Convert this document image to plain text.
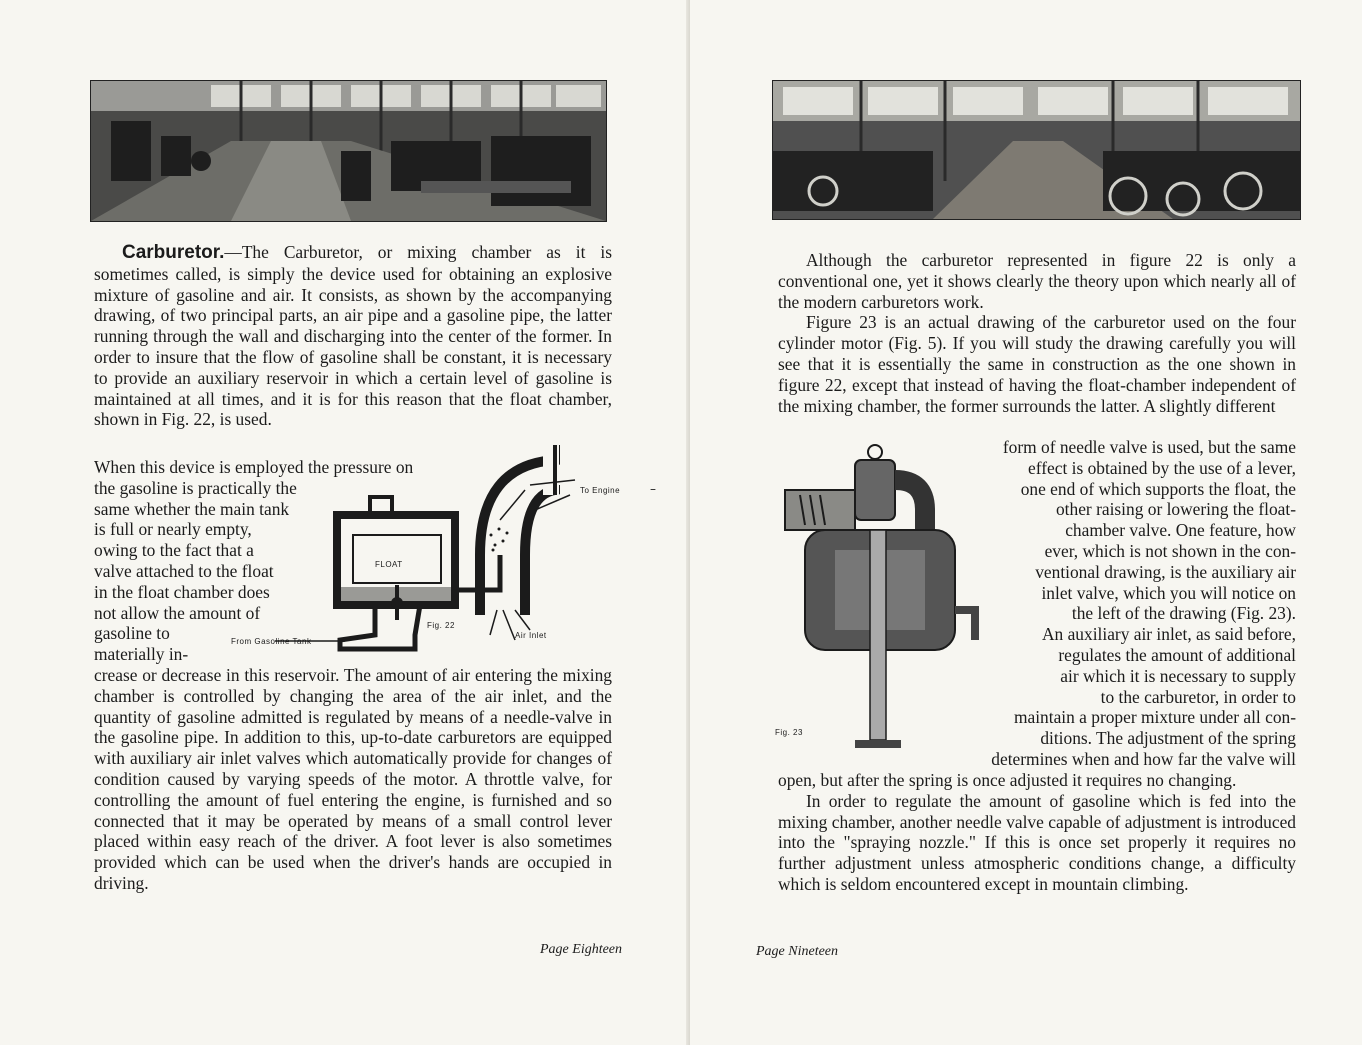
Carburetor.—The Carburetor, or mixing chamber as it is sometimes called, is simply the device used for obtaining an explosive mixture of gasoline and air. It consists, as shown by the accompanying drawing, of two principal parts, an air pipe and a gasoline pipe, the latter running through the wall and discharging into the center of the former. In order to insure that the flow of gasoline shall be constant, it is necessary to provide an auxiliary reservoir in which a certain level of gasoline is maintained at all times, and it is for this reason that the float chamber, shown in Fig. 22, is used.

When this device is employed the pressure on
the gasoline is practically the
same whether the main tank
is full or nearly empty,
owing to the fact that a
valve attached to the float
in the float chamber does
not allow the amount of
gasoline to
materially in-
FLOAT
To Engine
From Gasoline Tank
Air Inlet
Fig. 22

crease or decrease in this reservoir. The amount of air entering the mixing chamber is controlled by changing the area of the air inlet, and the quantity of gasoline admitted is regulated by means of a needle-valve in the gasoline pipe. In addition to this, up-to-date carburetors are equipped with auxiliary air inlet valves which automatically provide for changes of condition caused by varying speeds of the motor. A throttle valve, for controlling the amount of fuel entering the engine, is furnished and so connected that it may be operated by means of a small control lever placed within easy reach of the driver. A foot lever is also sometimes provided which can be used when the driver's hands are occupied in driving.

Page Eighteen
–

Although the carburetor represented in figure 22 is only a conventional one, yet it shows clearly the theory upon which nearly all of the modern carburetors work.

Figure 23 is an actual drawing of the carburetor used on the four cylinder motor (Fig. 5). If you will study the drawing carefully you will see that it is essentially the same in construction as the one shown in figure 22, except that instead of having the float-chamber independent of the mixing chamber, the former surrounds the latter. A slightly different

Fig. 23
form of needle valve is used, but the same
effect is obtained by the use of a lever,
one end of which supports the float, the
other raising or lowering the float-
chamber valve. One feature, how
ever, which is not shown in the con-
ventional drawing, is the auxiliary air
inlet valve, which you will notice on
the left of the drawing (Fig. 23).
An auxiliary air inlet, as said before,
regulates the amount of additional
air which it is necessary to supply
to the carburetor, in order to
maintain a proper mixture under all con-
ditions. The adjustment of the spring
determines when and how far the valve will

open, but after the spring is once adjusted it requires no changing.

In order to regulate the amount of gasoline which is fed into the mixing chamber, another needle valve capable of adjustment is introduced into the "spraying nozzle." If this is once set properly it requires no further adjustment unless atmospheric conditions change, a difficulty which is seldom encountered except in mountain climbing.

Page Nineteen
